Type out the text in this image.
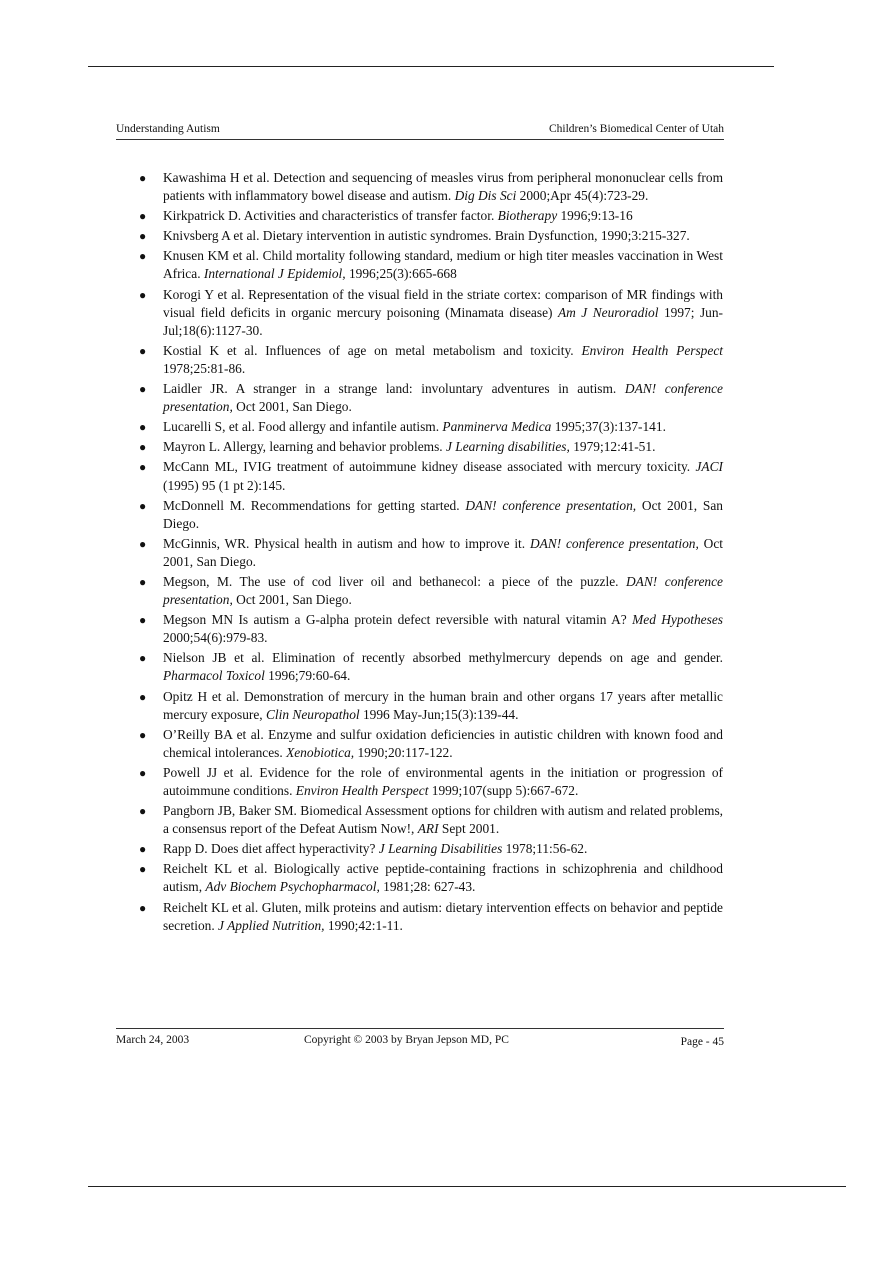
Understanding Autism	Children’s Biomedical Center of Utah
● Kawashima H et al. Detection and sequencing of measles virus from peripheral mononuclear cells from patients with inflammatory bowel disease and autism. Dig Dis Sci 2000;Apr 45(4):723-29.
● Kirkpatrick D. Activities and characteristics of transfer factor. Biotherapy 1996;9:13-16
● Knivsberg A et al. Dietary intervention in autistic syndromes. Brain Dysfunction, 1990;3:215-327.
● Knusen KM et al. Child mortality following standard, medium or high titer measles vaccination in West Africa. International J Epidemiol, 1996;25(3):665-668
● Korogi Y et al. Representation of the visual field in the striate cortex: comparison of MR findings with visual field deficits in organic mercury poisoning (Minamata disease) Am J Neuroradiol 1997; Jun-Jul;18(6):1127-30.
● Kostial K et al. Influences of age on metal metabolism and toxicity. Environ Health Perspect 1978;25:81-86.
● Laidler JR. A stranger in a strange land: involuntary adventures in autism. DAN! conference presentation, Oct 2001, San Diego.
● Lucarelli S, et al. Food allergy and infantile autism. Panminerva Medica 1995;37(3):137-141.
● Mayron L. Allergy, learning and behavior problems. J Learning disabilities, 1979;12:41-51.
● McCann ML, IVIG treatment of autoimmune kidney disease associated with mercury toxicity. JACI (1995) 95 (1 pt 2):145.
● McDonnell M. Recommendations for getting started. DAN! conference presentation, Oct 2001, San Diego.
● McGinnis, WR. Physical health in autism and how to improve it. DAN! conference presentation, Oct 2001, San Diego.
● Megson, M. The use of cod liver oil and bethanecol: a piece of the puzzle. DAN! conference presentation, Oct 2001, San Diego.
● Megson MN Is autism a G-alpha protein defect reversible with natural vitamin A? Med Hypotheses 2000;54(6):979-83.
● Nielson JB et al. Elimination of recently absorbed methylmercury depends on age and gender. Pharmacol Toxicol 1996;79:60-64.
● Opitz H et al. Demonstration of mercury in the human brain and other organs 17 years after metallic mercury exposure, Clin Neuropathol 1996 May-Jun;15(3):139-44.
● O’Reilly BA et al. Enzyme and sulfur oxidation deficiencies in autistic children with known food and chemical intolerances. Xenobiotica, 1990;20:117-122.
● Powell JJ et al. Evidence for the role of environmental agents in the initiation or progression of autoimmune conditions. Environ Health Perspect 1999;107(supp 5):667-672.
● Pangborn JB, Baker SM. Biomedical Assessment options for children with autism and related problems, a consensus report of the Defeat Autism Now!, ARI Sept 2001.
● Rapp D. Does diet affect hyperactivity? J Learning Disabilities 1978;11:56-62.
● Reichelt KL et al. Biologically active peptide-containing fractions in schizophrenia and childhood autism, Adv Biochem Psychopharmacol, 1981;28: 627-43.
● Reichelt KL et al. Gluten, milk proteins and autism: dietary intervention effects on behavior and peptide secretion. J Applied Nutrition, 1990;42:1-11.
March 24, 2003	Copyright © 2003 by Bryan Jepson MD, PC	Page - 45
